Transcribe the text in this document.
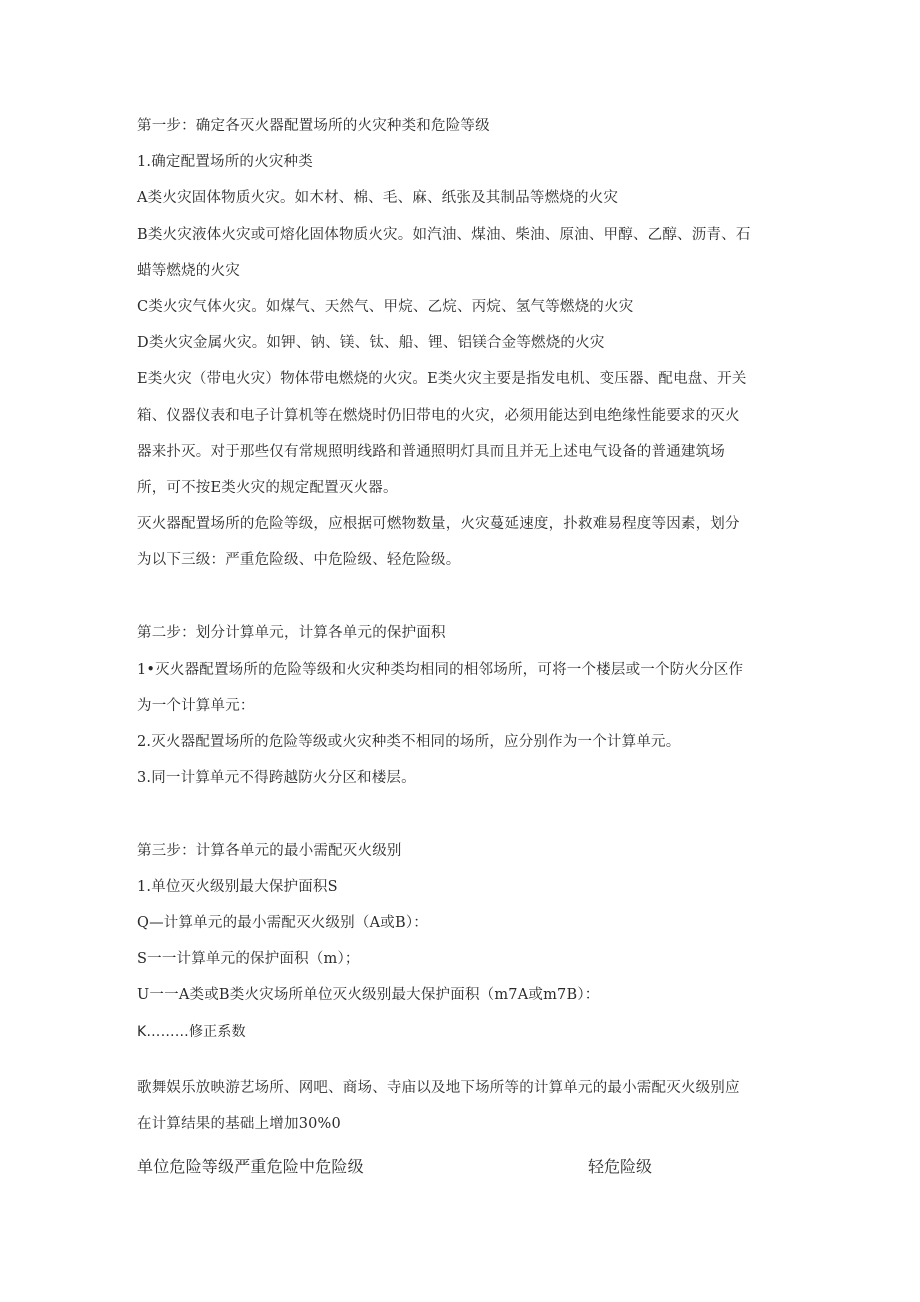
第一步：确定各灭火器配置场所的火灾种类和危险等级

1.确定配置场所的火灾种类

A类火灾固体物质火灾。如木材、棉、毛、麻、纸张及其制品等燃烧的火灾

B类火灾液体火灾或可熔化固体物质火灾。如汽油、煤油、柴油、原油、甲醇、乙醇、沥青、石

蜡等燃烧的火灾

C类火灾气体火灾。如煤气、天然气、甲烷、乙烷、丙烷、氢气等燃烧的火灾

D类火灾金属火灾。如钾、钠、镁、钛、船、锂、铝镁合金等燃烧的火灾

E类火灾（带电火灾）物体带电燃烧的火灾。E类火灾主要是指发电机、变压器、配电盘、开关

箱、仪器仪表和电子计算机等在燃烧时仍旧带电的火灾，必须用能达到电绝缘性能要求的灭火

器来扑灭。对于那些仅有常规照明线路和普通照明灯具而且并无上述电气设备的普通建筑场

所，可不按E类火灾的规定配置灭火器。

灭火器配置场所的危险等级，应根据可燃物数量，火灾蔓延速度，扑救难易程度等因素，划分

为以下三级：严重危险级、中危险级、轻危险级。

第二步：划分计算单元，计算各单元的保护面积

1•灭火器配置场所的危险等级和火灾种类均相同的相邻场所，可将一个楼层或一个防火分区作

为一个计算单元：

2.灭火器配置场所的危险等级或火灾种类不相同的场所，应分别作为一个计算单元。

3.同一计算单元不得跨越防火分区和楼层。

第三步：计算各单元的最小需配灭火级别

1.单位灭火级别最大保护面积S

Q—计算单元的最小需配灭火级别（A或B）：

S一一计算单元的保护面积（m）；

U一一A类或B类火灾场所单位灭火级别最大保护面积（m7A或m7B）：

K………修正系数

歌舞娱乐放映游艺场所、网吧、商场、寺庙以及地下场所等的计算单元的最小需配灭火级别应

在计算结果的基础上增加30%0

单位危险等级严重危险中危险级	轻危险级
